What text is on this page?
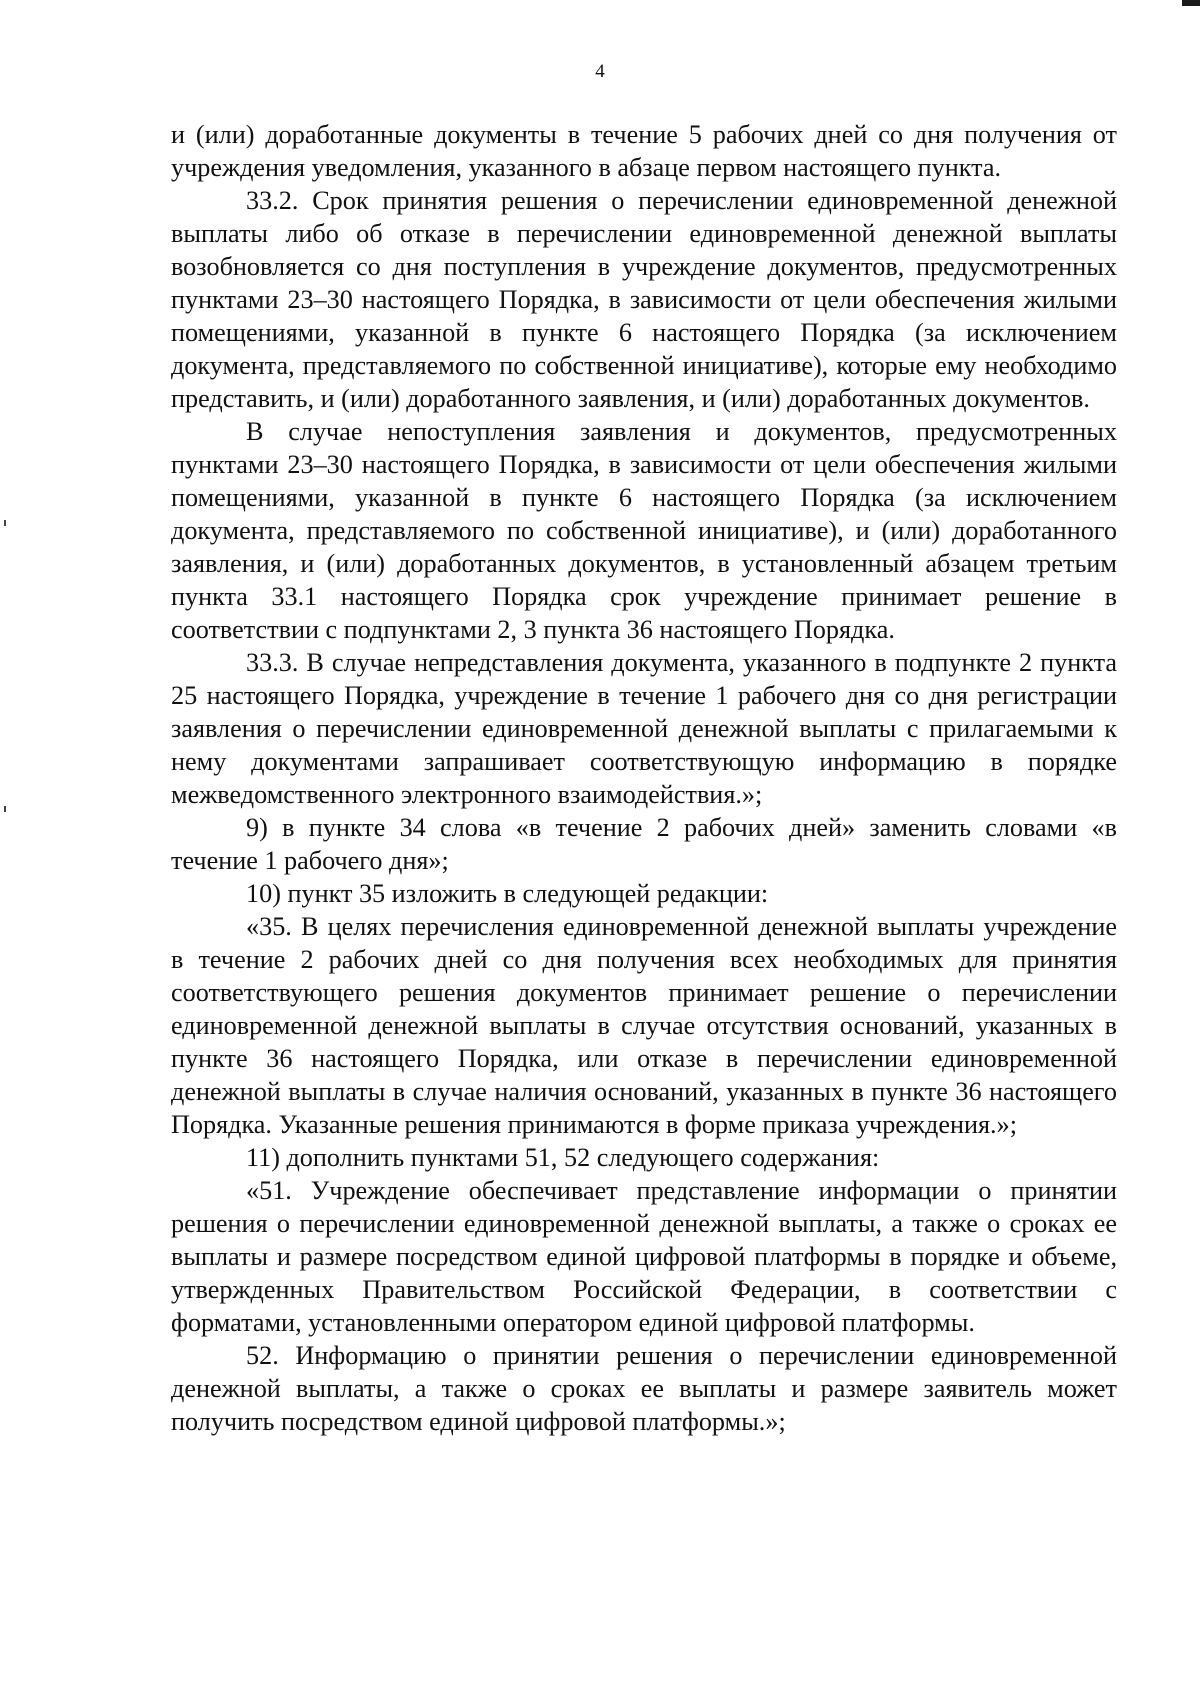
4

и (или) доработанные документы в течение 5 рабочих дней со дня получения от учреждения уведомления, указанного в абзаце первом настоящего пункта.

33.2. Срок принятия решения о перечислении единовременной денежной выплаты либо об отказе в перечислении единовременной денежной выплаты возобновляется со дня поступления в учреждение документов, предусмотренных пунктами 23–30 настоящего Порядка, в зависимости от цели обеспечения жилыми помещениями, указанной в пункте 6 настоящего Порядка (за исключением документа, представляемого по собственной инициативе), которые ему необходимо представить, и (или) доработанного заявления, и (или) доработанных документов.

В случае непоступления заявления и документов, предусмотренных пунктами 23–30 настоящего Порядка, в зависимости от цели обеспечения жилыми помещениями, указанной в пункте 6 настоящего Порядка (за исключением документа, представляемого по собственной инициативе), и (или) доработанного заявления, и (или) доработанных документов, в установленный абзацем третьим пункта 33.1 настоящего Порядка срок учреждение принимает решение в соответствии с подпунктами 2, 3 пункта 36 настоящего Порядка.

33.3. В случае непредставления документа, указанного в подпункте 2 пункта 25 настоящего Порядка, учреждение в течение 1 рабочего дня со дня регистрации заявления о перечислении единовременной денежной выплаты с прилагаемыми к нему документами запрашивает соответствующую информацию в порядке межведомственного электронного взаимодействия.»;

9) в пункте 34 слова «в течение 2 рабочих дней» заменить словами «в течение 1 рабочего дня»;

10) пункт 35 изложить в следующей редакции:

«35. В целях перечисления единовременной денежной выплаты учреждение в течение 2 рабочих дней со дня получения всех необходимых для принятия соответствующего решения документов принимает решение о перечислении единовременной денежной выплаты в случае отсутствия оснований, указанных в пункте 36 настоящего Порядка, или отказе в перечислении единовременной денежной выплаты в случае наличия оснований, указанных в пункте 36 настоящего Порядка. Указанные решения принимаются в форме приказа учреждения.»;

11) дополнить пунктами 51, 52 следующего содержания:

«51. Учреждение обеспечивает представление информации о принятии решения о перечислении единовременной денежной выплаты, а также о сроках ее выплаты и размере посредством единой цифровой платформы в порядке и объеме, утвержденных Правительством Российской Федерации, в соответствии с форматами, установленными оператором единой цифровой платформы.

52. Информацию о принятии решения о перечислении единовременной денежной выплаты, а также о сроках ее выплаты и размере заявитель может получить посредством единой цифровой платформы.»;
